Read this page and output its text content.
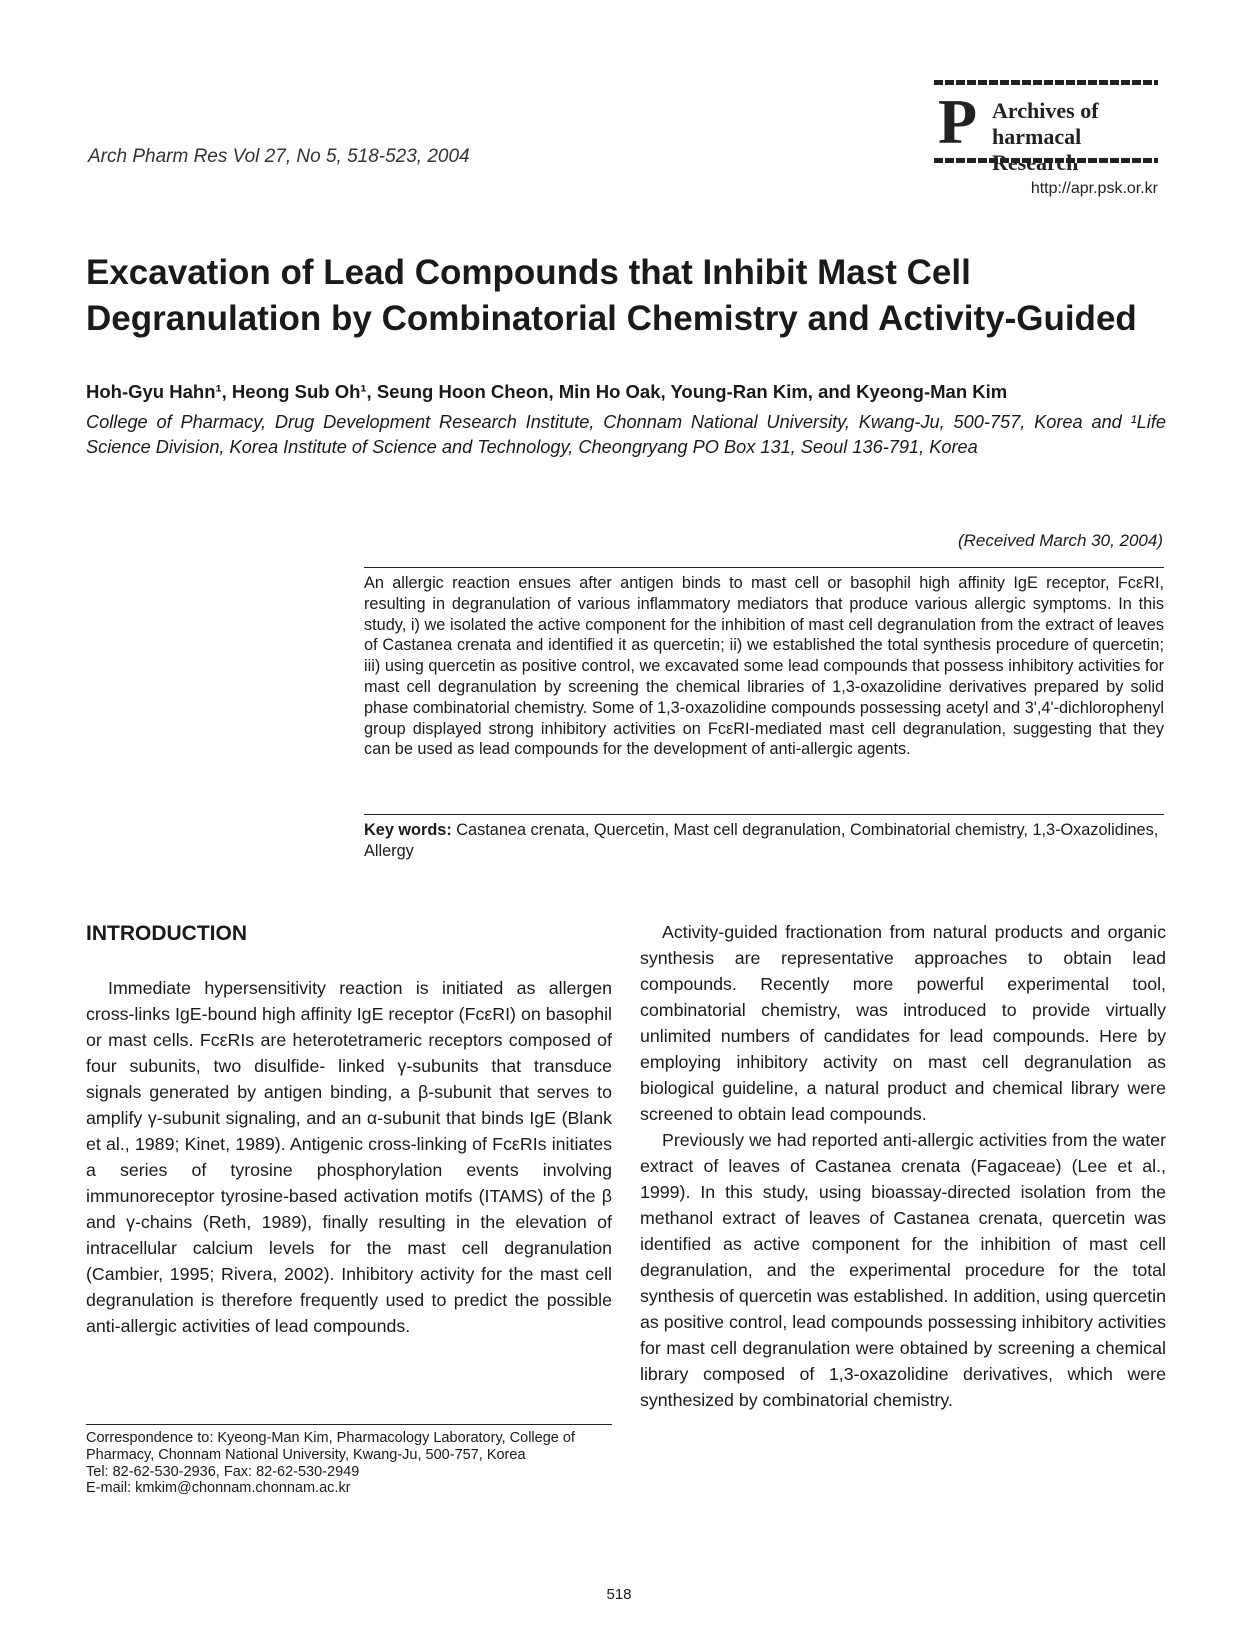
Arch Pharm Res Vol 27, No 5, 518-523, 2004	P Archives of
harmacal
http://apr.psk.or.kr
Excavation of Lead Compounds that Inhibit Mast Cell Degranulation by Combinatorial Chemistry and Activity-Guided
Hoh-Gyu Hahn¹, Heong Sub Oh¹, Seung Hoon Cheon, Min Ho Oak, Young-Ran Kim, and Kyeong-Man Kim
College of Pharmacy, Drug Development Research Institute, Chonnam National University, Kwang-Ju, 500-757, Korea and ¹Life Science Division, Korea Institute of Science and Technology, Cheongryang PO Box 131, Seoul 136-791, Korea
(Received March 30, 2004)
An allergic reaction ensues after antigen binds to mast cell or basophil high affinity IgE receptor, FcεRI, resulting in degranulation of various inflammatory mediators that produce various allergic symptoms. In this study, i) we isolated the active component for the inhibition of mast cell degranulation from the extract of leaves of Castanea crenata and identified it as quercetin; ii) we established the total synthesis procedure of quercetin; iii) using quercetin as positive control, we excavated some lead compounds that possess inhibitory activities for mast cell degranulation by screening the chemical libraries of 1,3-oxazolidine derivatives prepared by solid phase combinatorial chemistry. Some of 1,3-oxazolidine compounds possessing acetyl and 3',4'-dichlorophenyl group displayed strong inhibitory activities on FcεRI-mediated mast cell degranulation, suggesting that they can be used as lead compounds for the development of anti-allergic agents.
Key words: Castanea crenata, Quercetin, Mast cell degranulation, Combinatorial chemistry, 1,3-Oxazolidines, Allergy
INTRODUCTION

Immediate hypersensitivity reaction is initiated as allergen cross-links IgE-bound high affinity IgE receptor (FcεRI) on basophil or mast cells. FcεRIs are heterotetrameric receptors composed of four subunits, two disulfide- linked γ-subunits that transduce signals generated by antigen binding, a β-subunit that serves to amplify γ-subunit signaling, and an α-subunit that binds IgE (Blank et al., 1989; Kinet, 1989). Antigenic cross-linking of FcεRIs initiates a series of tyrosine phosphorylation events involving immunoreceptor tyrosine-based activation motifs (ITAMS) of the β and γ-chains (Reth, 1989), finally resulting in the elevation of intracellular calcium levels for the mast cell degranulation (Cambier, 1995; Rivera, 2002). Inhibitory activity for the mast cell degranulation is therefore frequently used to predict the possible anti-allergic activities of lead compounds.

Activity-guided fractionation from natural products and organic synthesis are representative approaches to obtain lead compounds. Recently more powerful experimental tool, combinatorial chemistry, was introduced to provide virtually unlimited numbers of candidates for lead compounds. Here by employing inhibitory activity on mast cell degranulation as biological guideline, a natural product and chemical library were screened to obtain lead compounds.

Previously we had reported anti-allergic activities from the water extract of leaves of Castanea crenata (Fagaceae) (Lee et al., 1999). In this study, using bioassay-directed isolation from the methanol extract of leaves of Castanea crenata, quercetin was identified as active component for the inhibition of mast cell degranulation, and the experimental procedure for the total synthesis of quercetin was established. In addition, using quercetin as positive control, lead compounds possessing inhibitory activities for mast cell degranulation were obtained by screening a chemical library composed of 1,3-oxazolidine derivatives, which were synthesized by combinatorial chemistry.

Correspondence to: Kyeong-Man Kim, Pharmacology Laboratory, College of Pharmacy, Chonnam National University, Kwang-Ju, 500-757, Korea
Tel: 82-62-530-2936, Fax: 82-62-530-2949
E-mail: kmkim@chonnam.chonnam.ac.kr
518
